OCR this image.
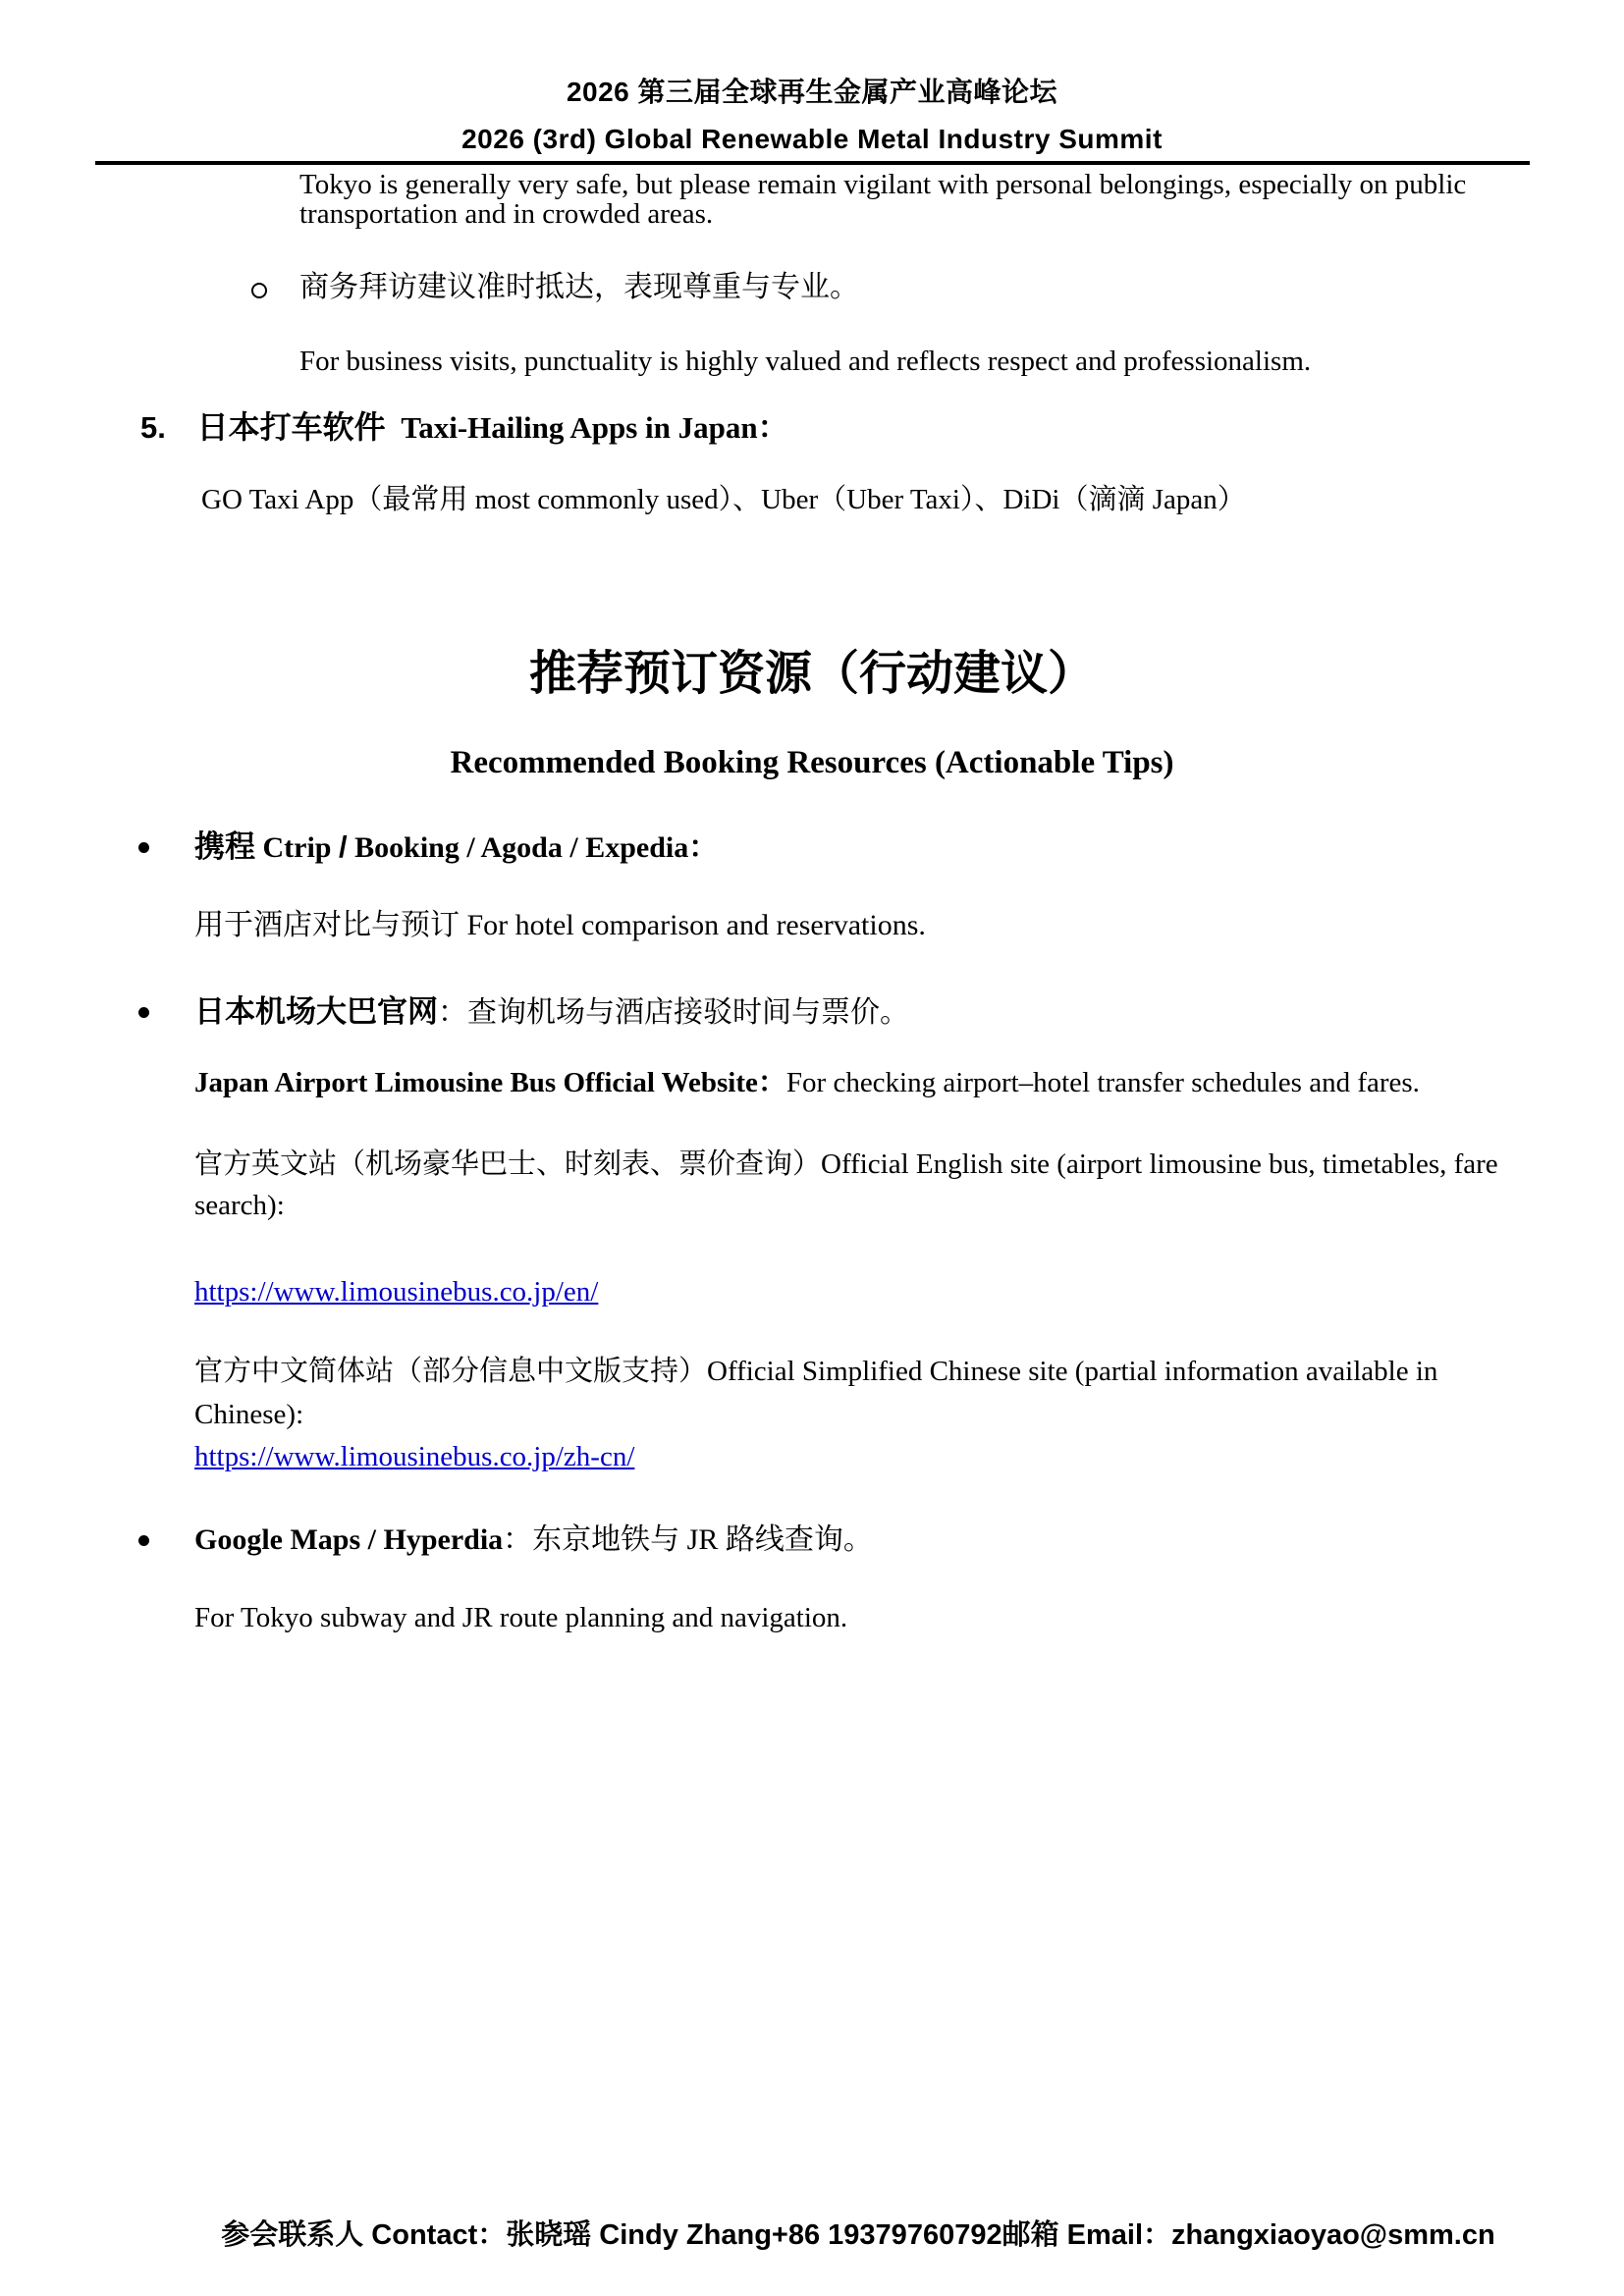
2026 第三届全球再生金属产业高峰论坛
2026 (3rd) Global Renewable Metal Industry Summit
Tokyo is generally very safe, but please remain vigilant with personal belongings, especially on public transportation and in crowded areas.
商务拜访建议准时抵达，表现尊重与专业。
For business visits, punctuality is highly valued and reflects respect and professionalism.
5. 日本打车软件 Taxi-Hailing Apps in Japan：
GO Taxi App（最常用 most commonly used）、Uber（Uber Taxi）、DiDi（滴滴 Japan）
推荐预订资源（行动建议）
Recommended Booking Resources (Actionable Tips)
携程 Ctrip / Booking / Agoda / Expedia：
用于酒店对比与预订 For hotel comparison and reservations.
日本机场大巴官网：查询机场与酒店接驳时间与票价。
Japan Airport Limousine Bus Official Website：For checking airport–hotel transfer schedules and fares.
官方英文站（机场豪华巴士、时刻表、票价查询）Official English site (airport limousine bus, timetables, fare search):
https://www.limousinebus.co.jp/en/
官方中文简体站（部分信息中文版支持）Official Simplified Chinese site (partial information available in Chinese):
https://www.limousinebus.co.jp/zh-cn/
Google Maps / Hyperdia：东京地铁与 JR 路线查询。
For Tokyo subway and JR route planning and navigation.

参会联系人 Contact：张晓瑶 Cindy Zhang+86 19379760792邮箱 Email：zhangxiaoyao@smm.cn
